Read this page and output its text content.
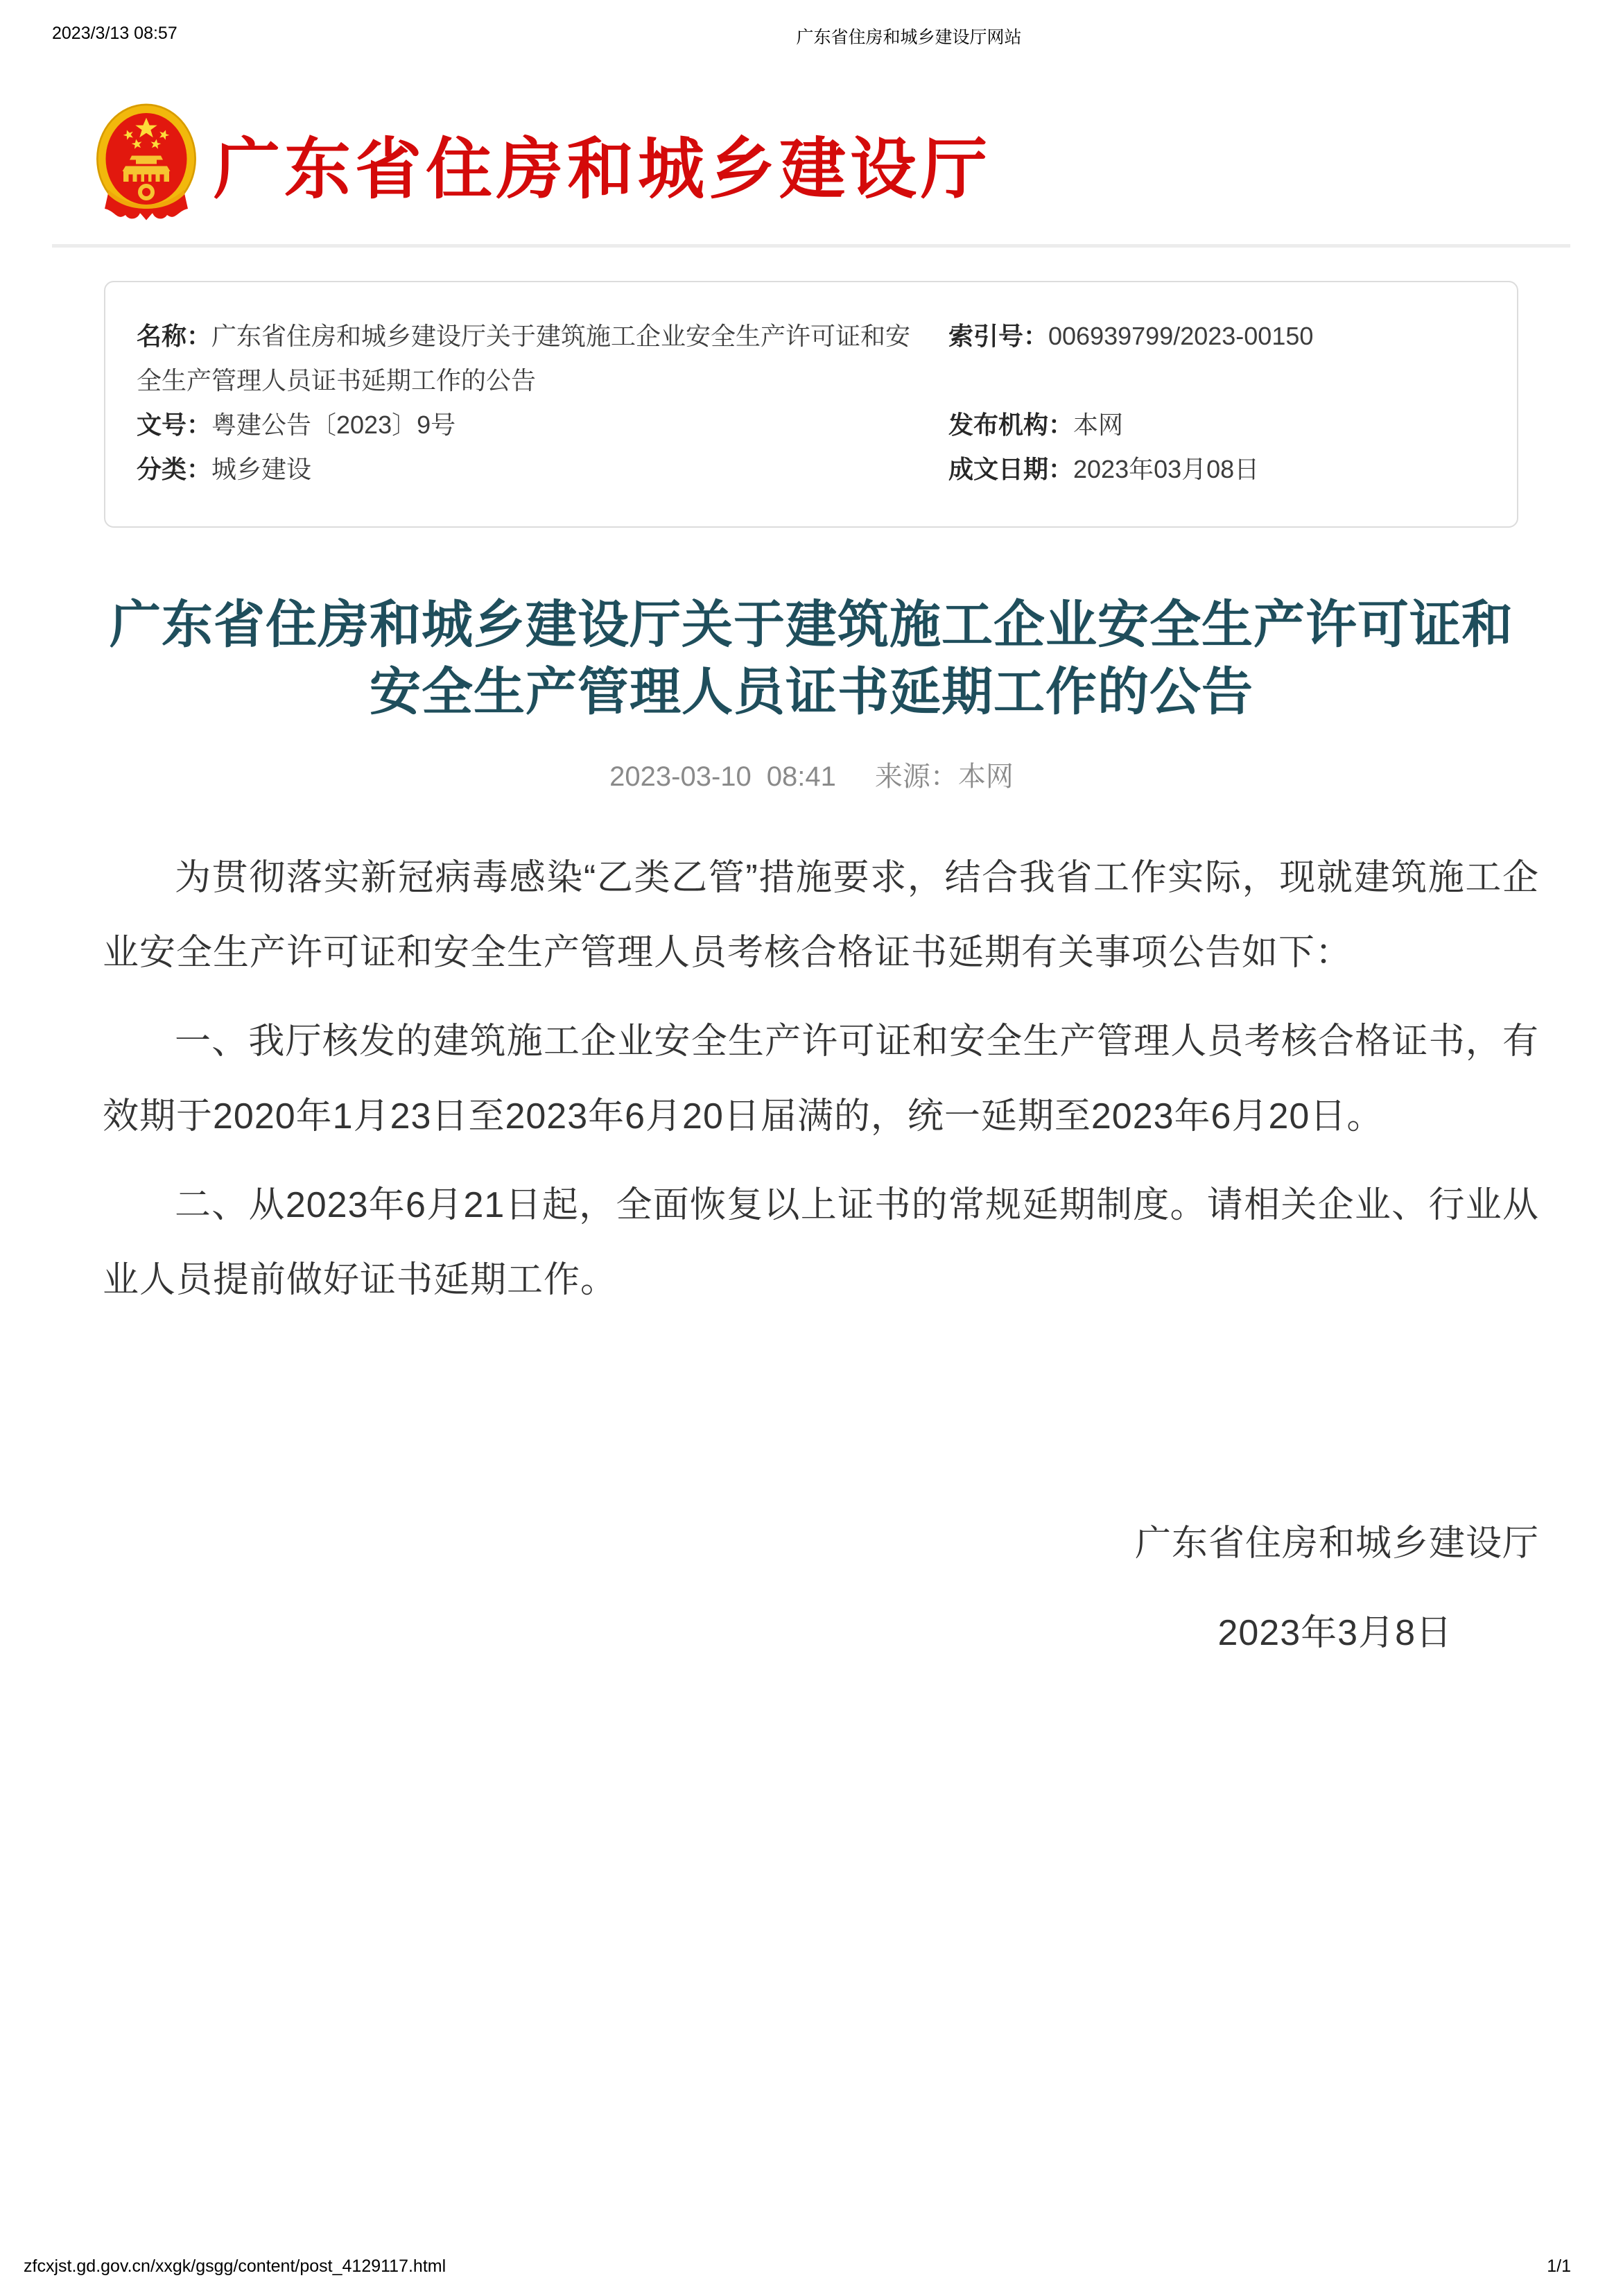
2023/3/13 08:57	广东省住房和城乡建设厅网站
广东省住房和城乡建设厅
名称：广东省住房和城乡建设厅关于建筑施工企业安全生产许可证和安全生产管理人员证书延期工作的公告
索引号：006939799/2023-00150
文号：粤建公告〔2023〕9号	发布机构：本网
分类：城乡建设	成文日期：2023年03月08日
广东省住房和城乡建设厅关于建筑施工企业安全生产许可证和
安全生产管理人员证书延期工作的公告
2023-03-10 08:41 来源：本网

为贯彻落实新冠病毒感染“乙类乙管”措施要求，结合我省工作实际，现就建筑施工企业安全生产许可证和安全生产管理人员考核合格证书延期有关事项公告如下：

一、我厅核发的建筑施工企业安全生产许可证和安全生产管理人员考核合格证书，有效期于2020年1月23日至2023年6月20日届满的，统一延期至2023年6月20日。

二、从2023年6月21日起，全面恢复以上证书的常规延期制度。请相关企业、行业从业人员提前做好证书延期工作。

广东省住房和城乡建设厅
2023年3月8日
zfcxjst.gd.gov.cn/xxgk/gsgg/content/post_4129117.html	1/1
